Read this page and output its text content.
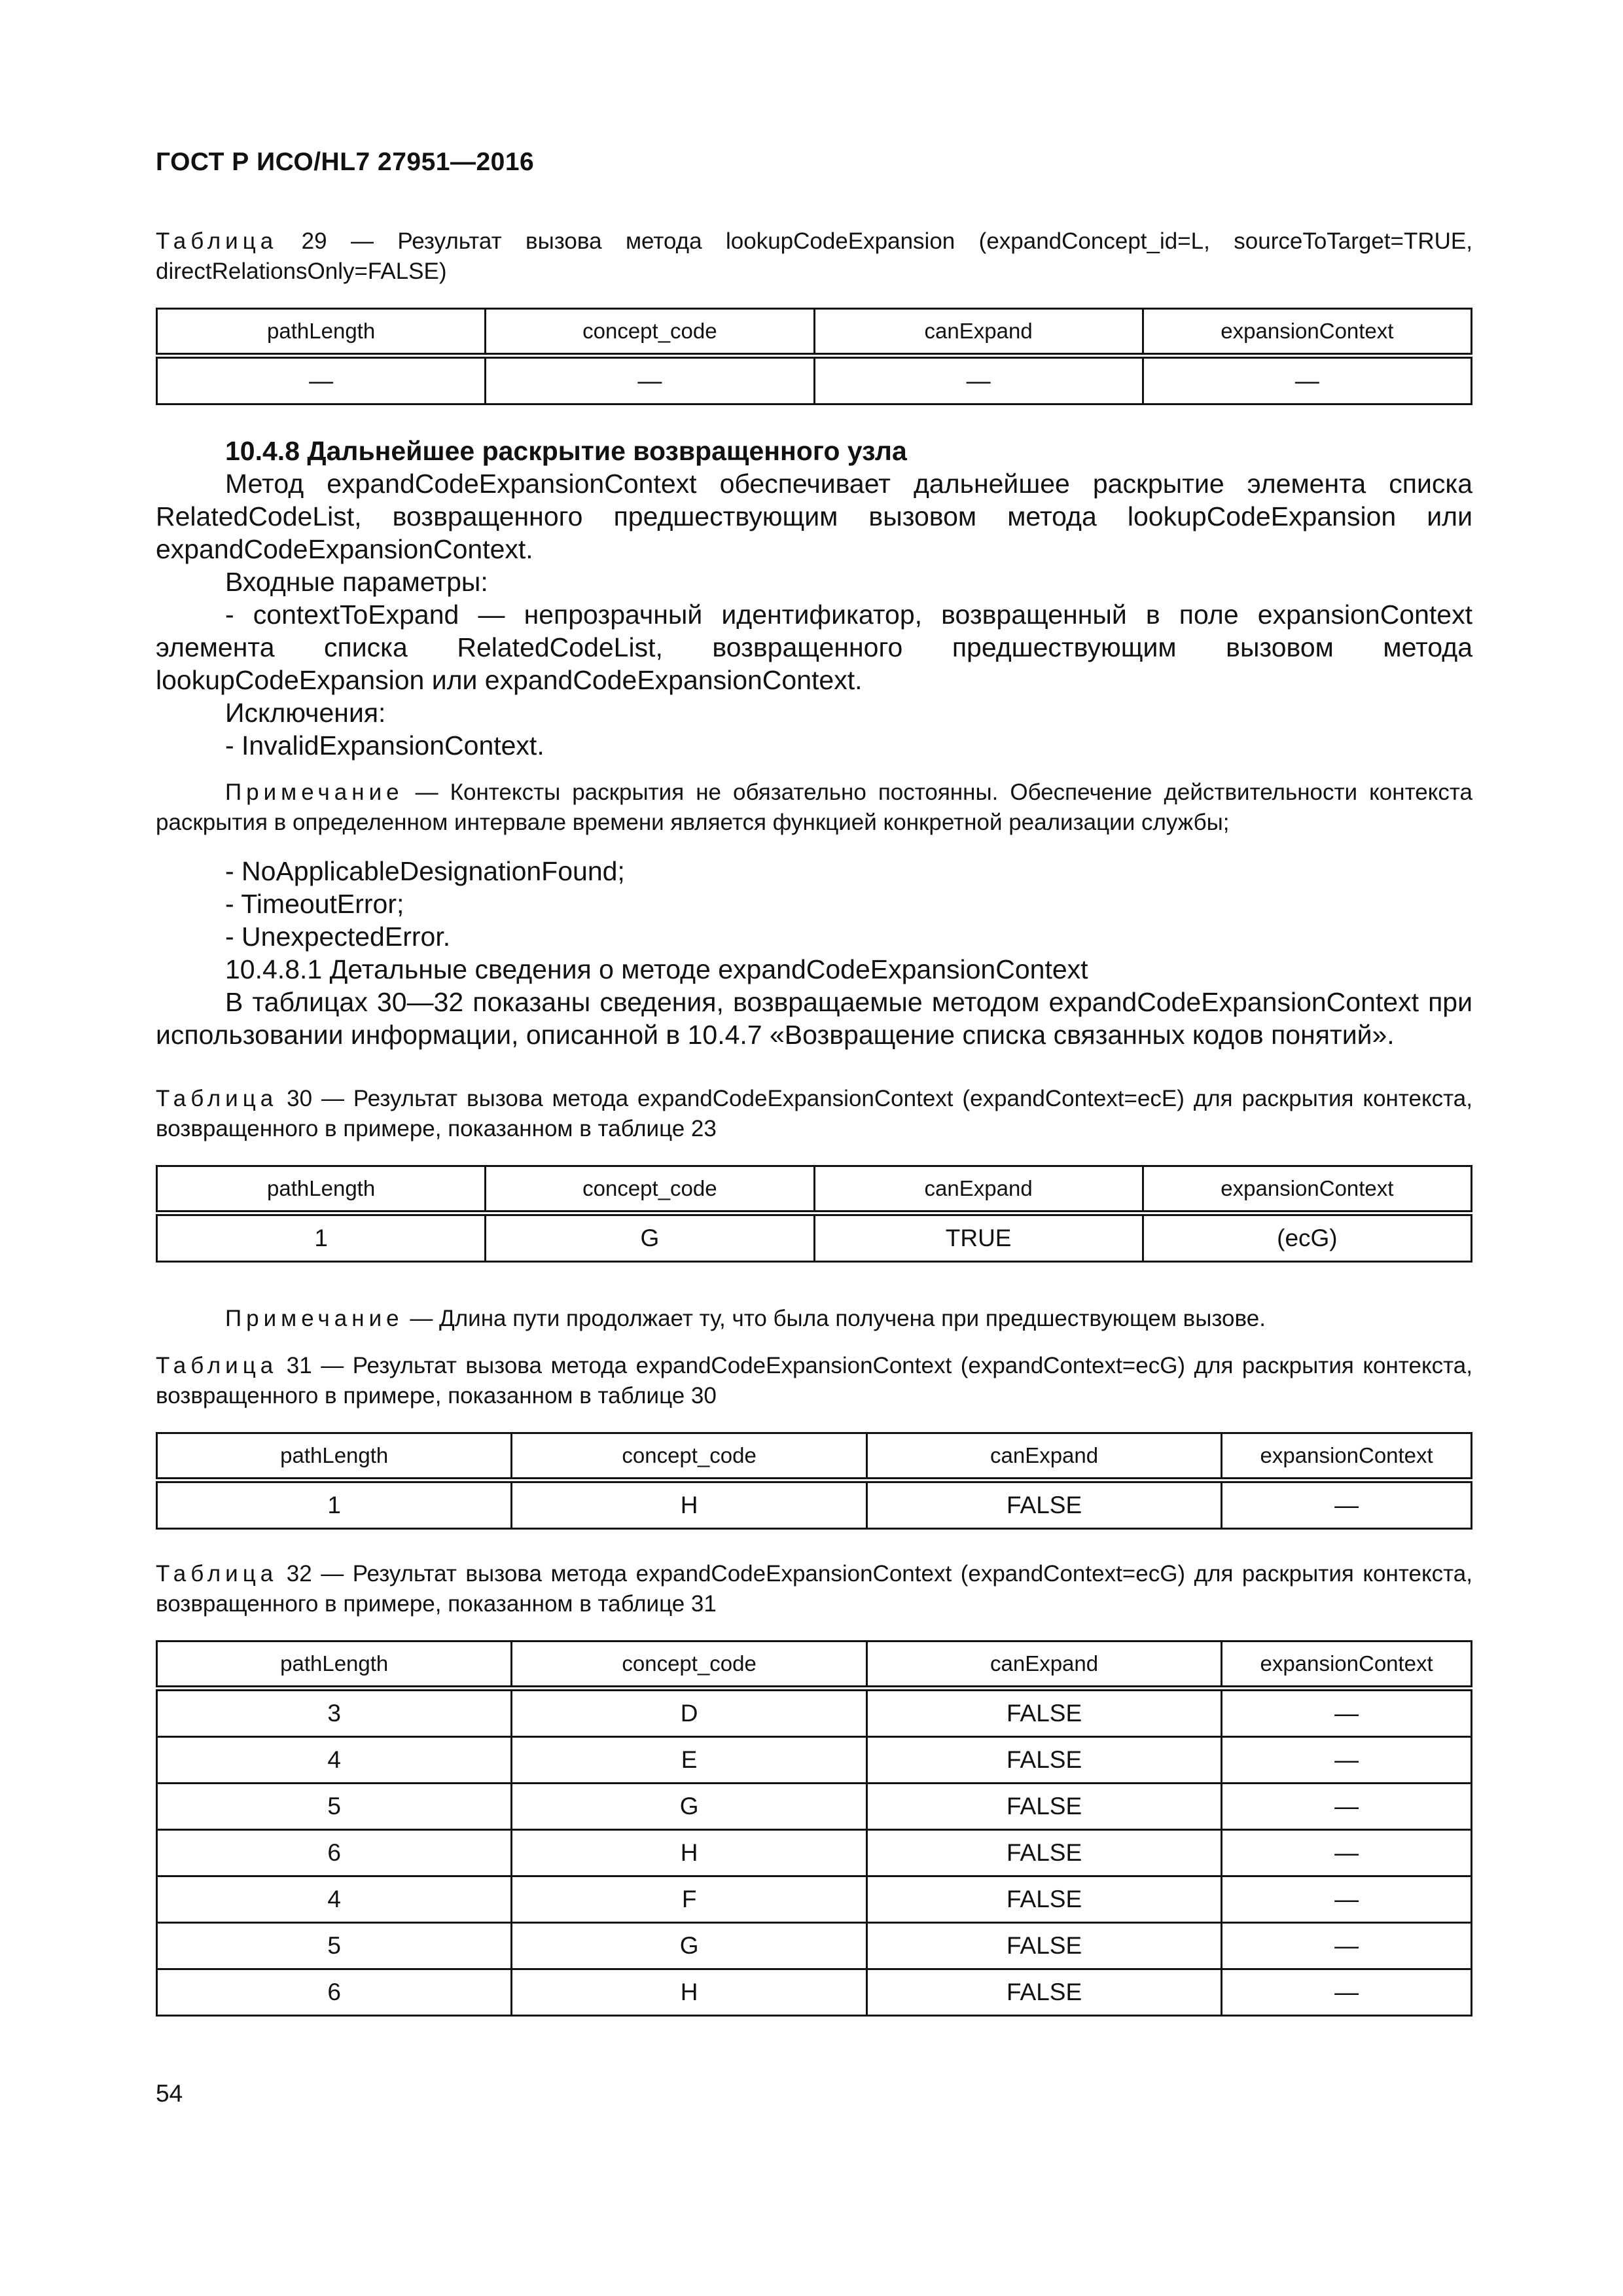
ГОСТ Р ИСО/HL7 27951—2016
Таблица 29 — Результат вызова метода lookupCodeExpansion (expandConcept_id=L, sourceToTarget=TRUE, directRelationsOnly=FALSE)
pathLength	concept_code	canExpand	expansionContext
—	—	—	—

10.4.8 Дальнейшее раскрытие возвращенного узла

Метод expandCodeExpansionContext обеспечивает дальнейшее раскрытие элемента списка RelatedCodeList, возвращенного предшествующим вызовом метода lookupCodeExpansion или expandCodeExpansionContext.

Входные параметры:

- contextToExpand — непрозрачный идентификатор, возвращенный в поле expansionContext элемента списка RelatedCodeList, возвращенного предшествующим вызовом метода lookupCodeExpansion или expandCodeExpansionContext.

Исключения:

- InvalidExpansionContext.

Примечание — Контексты раскрытия не обязательно постоянны. Обеспечение действительности контекста раскрытия в определенном интервале времени является функцией конкретной реализации службы;

- NoApplicableDesignationFound;

- TimeoutError;

- UnexpectedError.

10.4.8.1 Детальные сведения о методе expandCodeExpansionContext

В таблицах 30—32 показаны сведения, возвращаемые методом expandCodeExpansionContext при использовании информации, описанной в 10.4.7 «Возвращение списка связанных кодов понятий».

Таблица 30 — Результат вызова метода expandCodeExpansionContext (expandContext=ecE) для раскрытия контекста, возвращенного в примере, показанном в таблице 23
pathLength	concept_code	canExpand	expansionContext
1	G	TRUE	(ecG)
Примечание — Длина пути продолжает ту, что была получена при предшествующем вызове.
Таблица 31 — Результат вызова метода expandCodeExpansionContext (expandContext=ecG) для раскрытия контекста, возвращенного в примере, показанном в таблице 30
pathLength	concept_code	canExpand	expansionContext
1	H	FALSE	—
Таблица 32 — Результат вызова метода expandCodeExpansionContext (expandContext=ecG) для раскрытия контекста, возвращенного в примере, показанном в таблице 31
pathLength	concept_code	canExpand	expansionContext
3	D	FALSE	—
4	E	FALSE	—
5	G	FALSE	—
6	H	FALSE	—
4	F	FALSE	—
5	G	FALSE	—
6	H	FALSE	—
54
